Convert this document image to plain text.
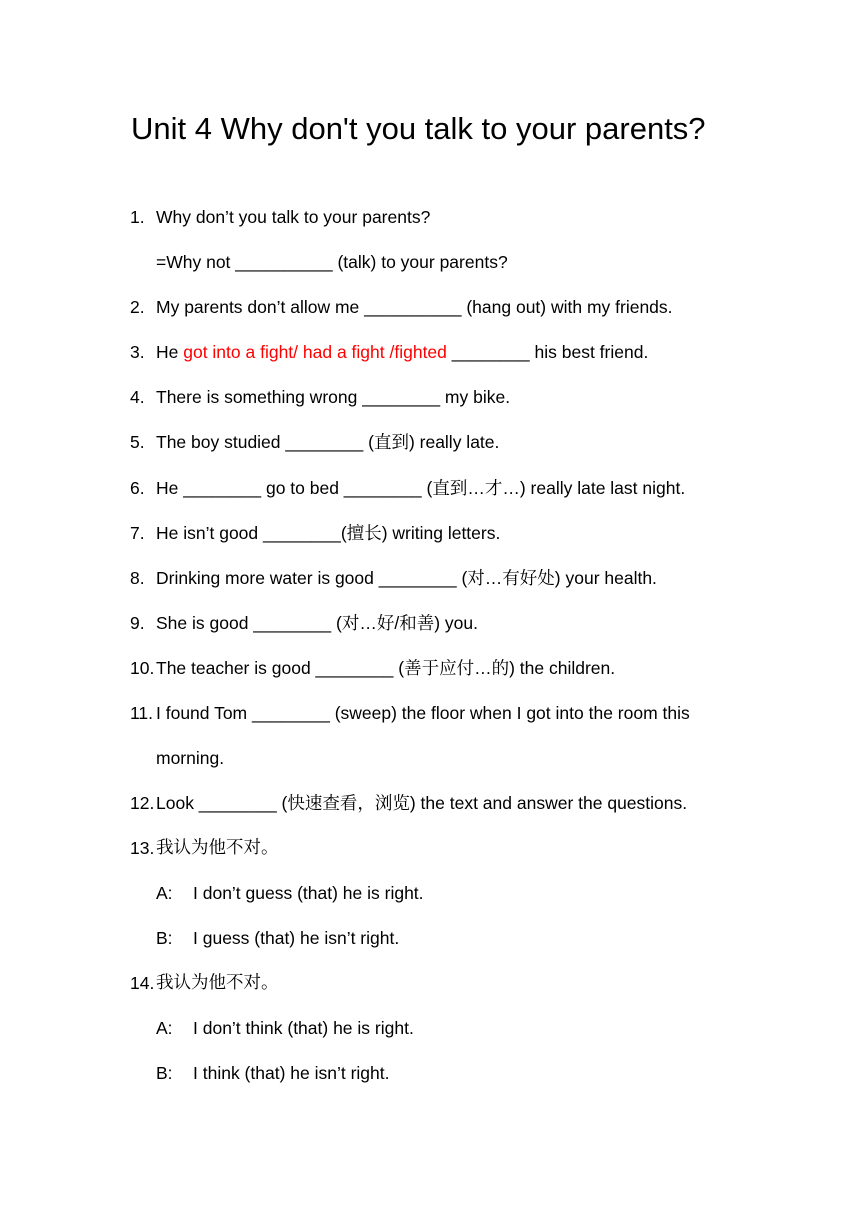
Unit 4 Why don't you talk to your parents?
1. Why don’t you talk to your parents?
=Why not __________ (talk) to your parents?
2. My parents don’t allow me __________ (hang out) with my friends.
3. He got into a fight/ had a fight /fighted ________ his best friend.
4. There is something wrong ________ my bike.
5. The boy studied ________ (直到) really late.
6. He ________ go to bed ________ (直到…才…) really late last night.
7. He isn’t good ________(擅长) writing letters.
8. Drinking more water is good ________ (对…有好处) your health.
9. She is good ________ (对…好/和善) you.
10. The teacher is good ________ (善于应付…的) the children.
11. I found Tom ________ (sweep) the floor when I got into the room this
morning.
12. Look ________ (快速查看，浏览) the text and answer the questions.
13. 我认为他不对。
A: I don’t guess (that) he is right.
B: I guess (that) he isn’t right.
14. 我认为他不对。
A: I don’t think (that) he is right.
B: I think (that) he isn’t right.
